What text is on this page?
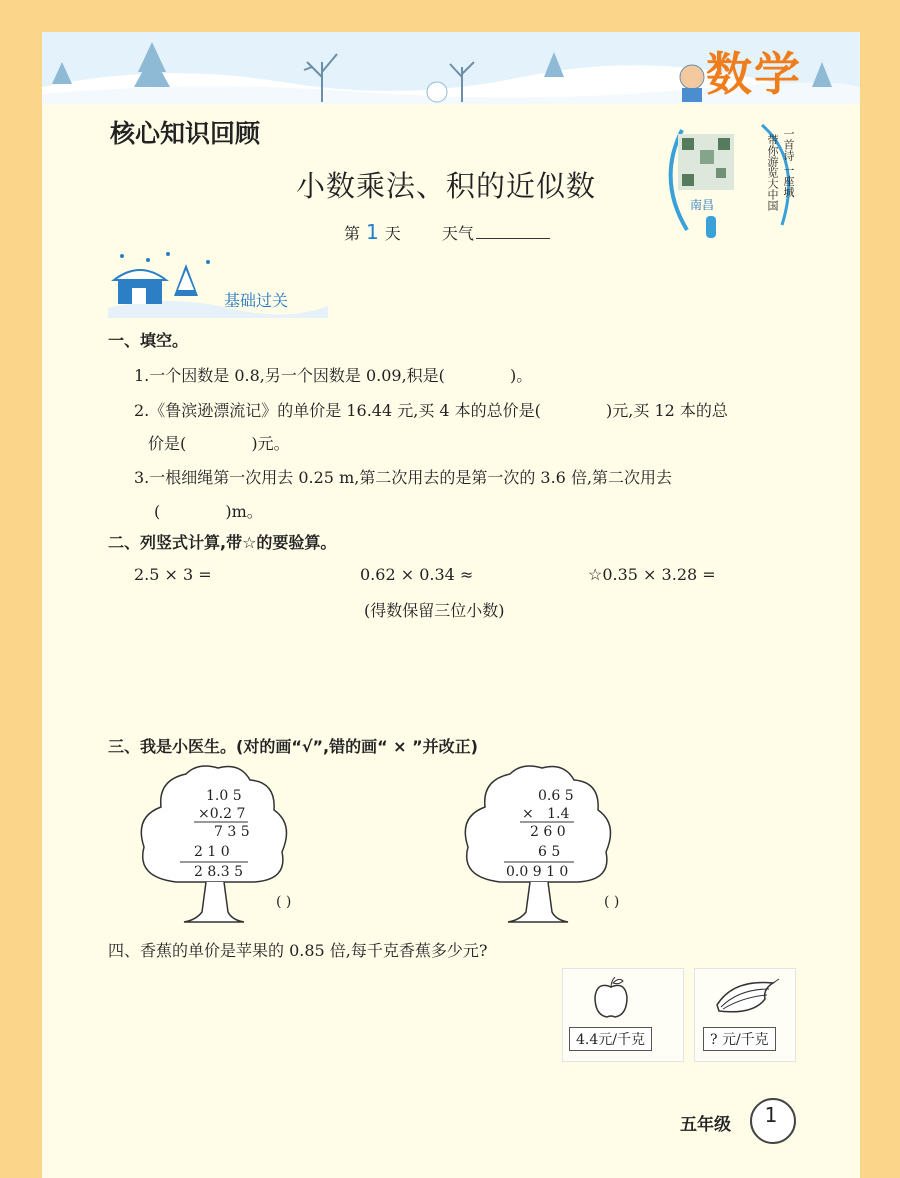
数学
核心知识回顾
小数乘法、积的近似数
第 1 天	天气
南昌
一首诗 一座城
带你游览大中国
基础过关
一、填空。
1.一个因数是 0.8,另一个因数是 0.09,积是(	)。
2.《鲁滨逊漂流记》的单价是 16.44 元,买 4 本的总价是(	)元,买 12 本的总
价是(	)元。
3.一根细绳第一次用去 0.25 m,第二次用去的是第一次的 3.6 倍,第二次用去
(	)m。
二、列竖式计算,带☆的要验算。
2.5 × 3 =	0.62 × 0.34 ≈	☆0.35 × 3.28 =
(得数保留三位小数)
三、我是小医生。(对的画“√”,错的画“ × ”并改正)
1.0 5
×0.2 7
7 3 5
2 1 0
2 8.3 5
( )
0.6 5
×   1.4
2 6 0
6 5
0.0 9 1 0
( )
四、香蕉的单价是苹果的 0.85 倍,每千克香蕉多少元?
4.4元/千克	? 元/千克
五年级	1
